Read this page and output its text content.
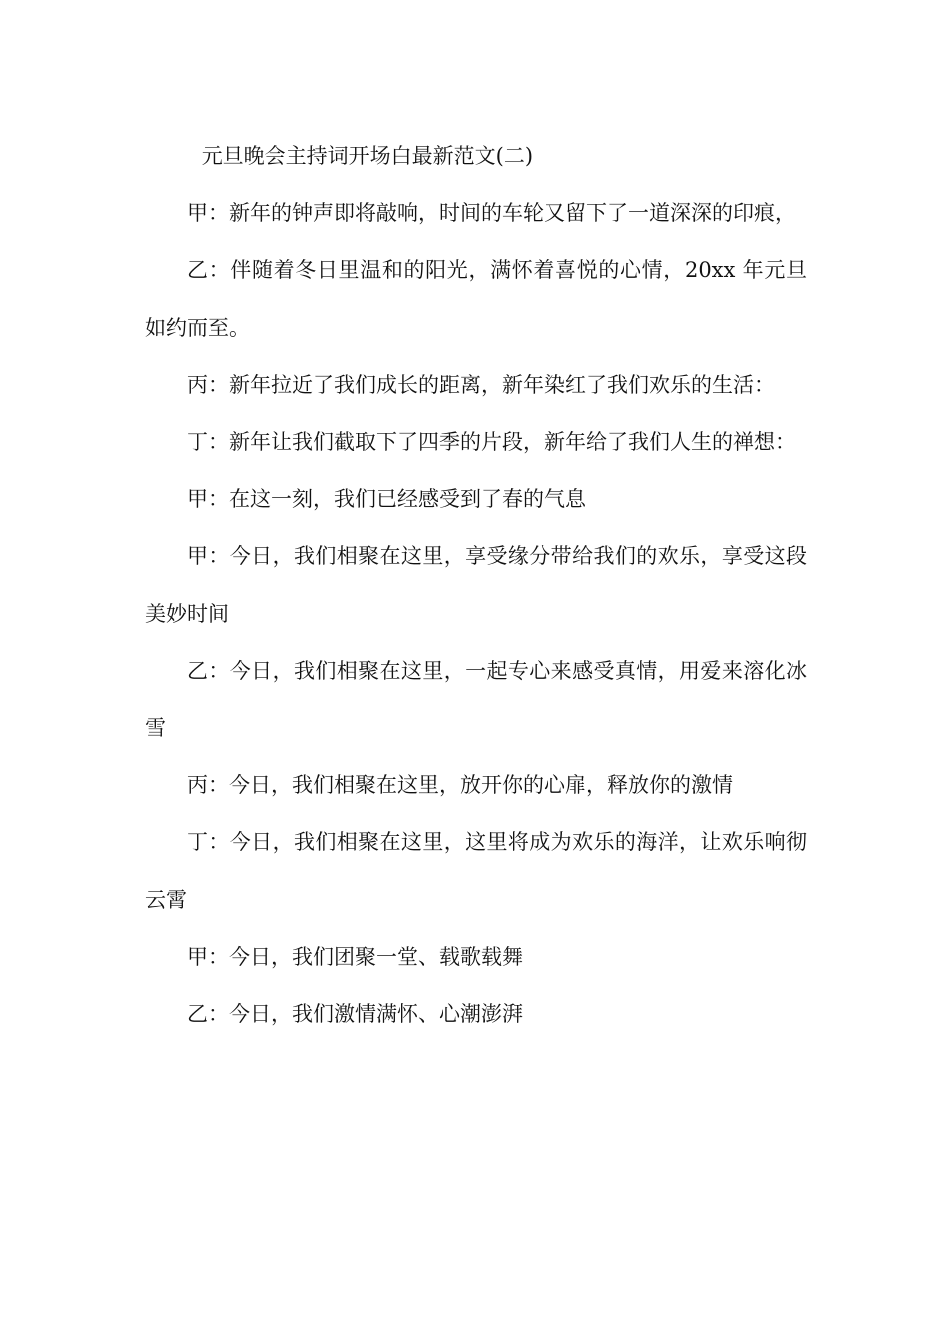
元旦晚会主持词开场白最新范文(二)

甲：新年的钟声即将敲响，时间的车轮又留下了一道深深的印痕，

乙：伴随着冬日里温和的阳光，满怀着喜悦的心情，20xx 年元旦如约而至。

丙：新年拉近了我们成长的距离，新年染红了我们欢乐的生活：

丁：新年让我们截取下了四季的片段，新年给了我们人生的禅想：

甲：在这一刻，我们已经感受到了春的气息

甲：今日，我们相聚在这里，享受缘分带给我们的欢乐，享受这段美妙时间

乙：今日，我们相聚在这里，一起专心来感受真情，用爱来溶化冰雪

丙：今日，我们相聚在这里，放开你的心扉，释放你的激情

丁：今日，我们相聚在这里，这里将成为欢乐的海洋，让欢乐响彻云霄

甲：今日，我们团聚一堂、载歌载舞

乙：今日，我们激情满怀、心潮澎湃
